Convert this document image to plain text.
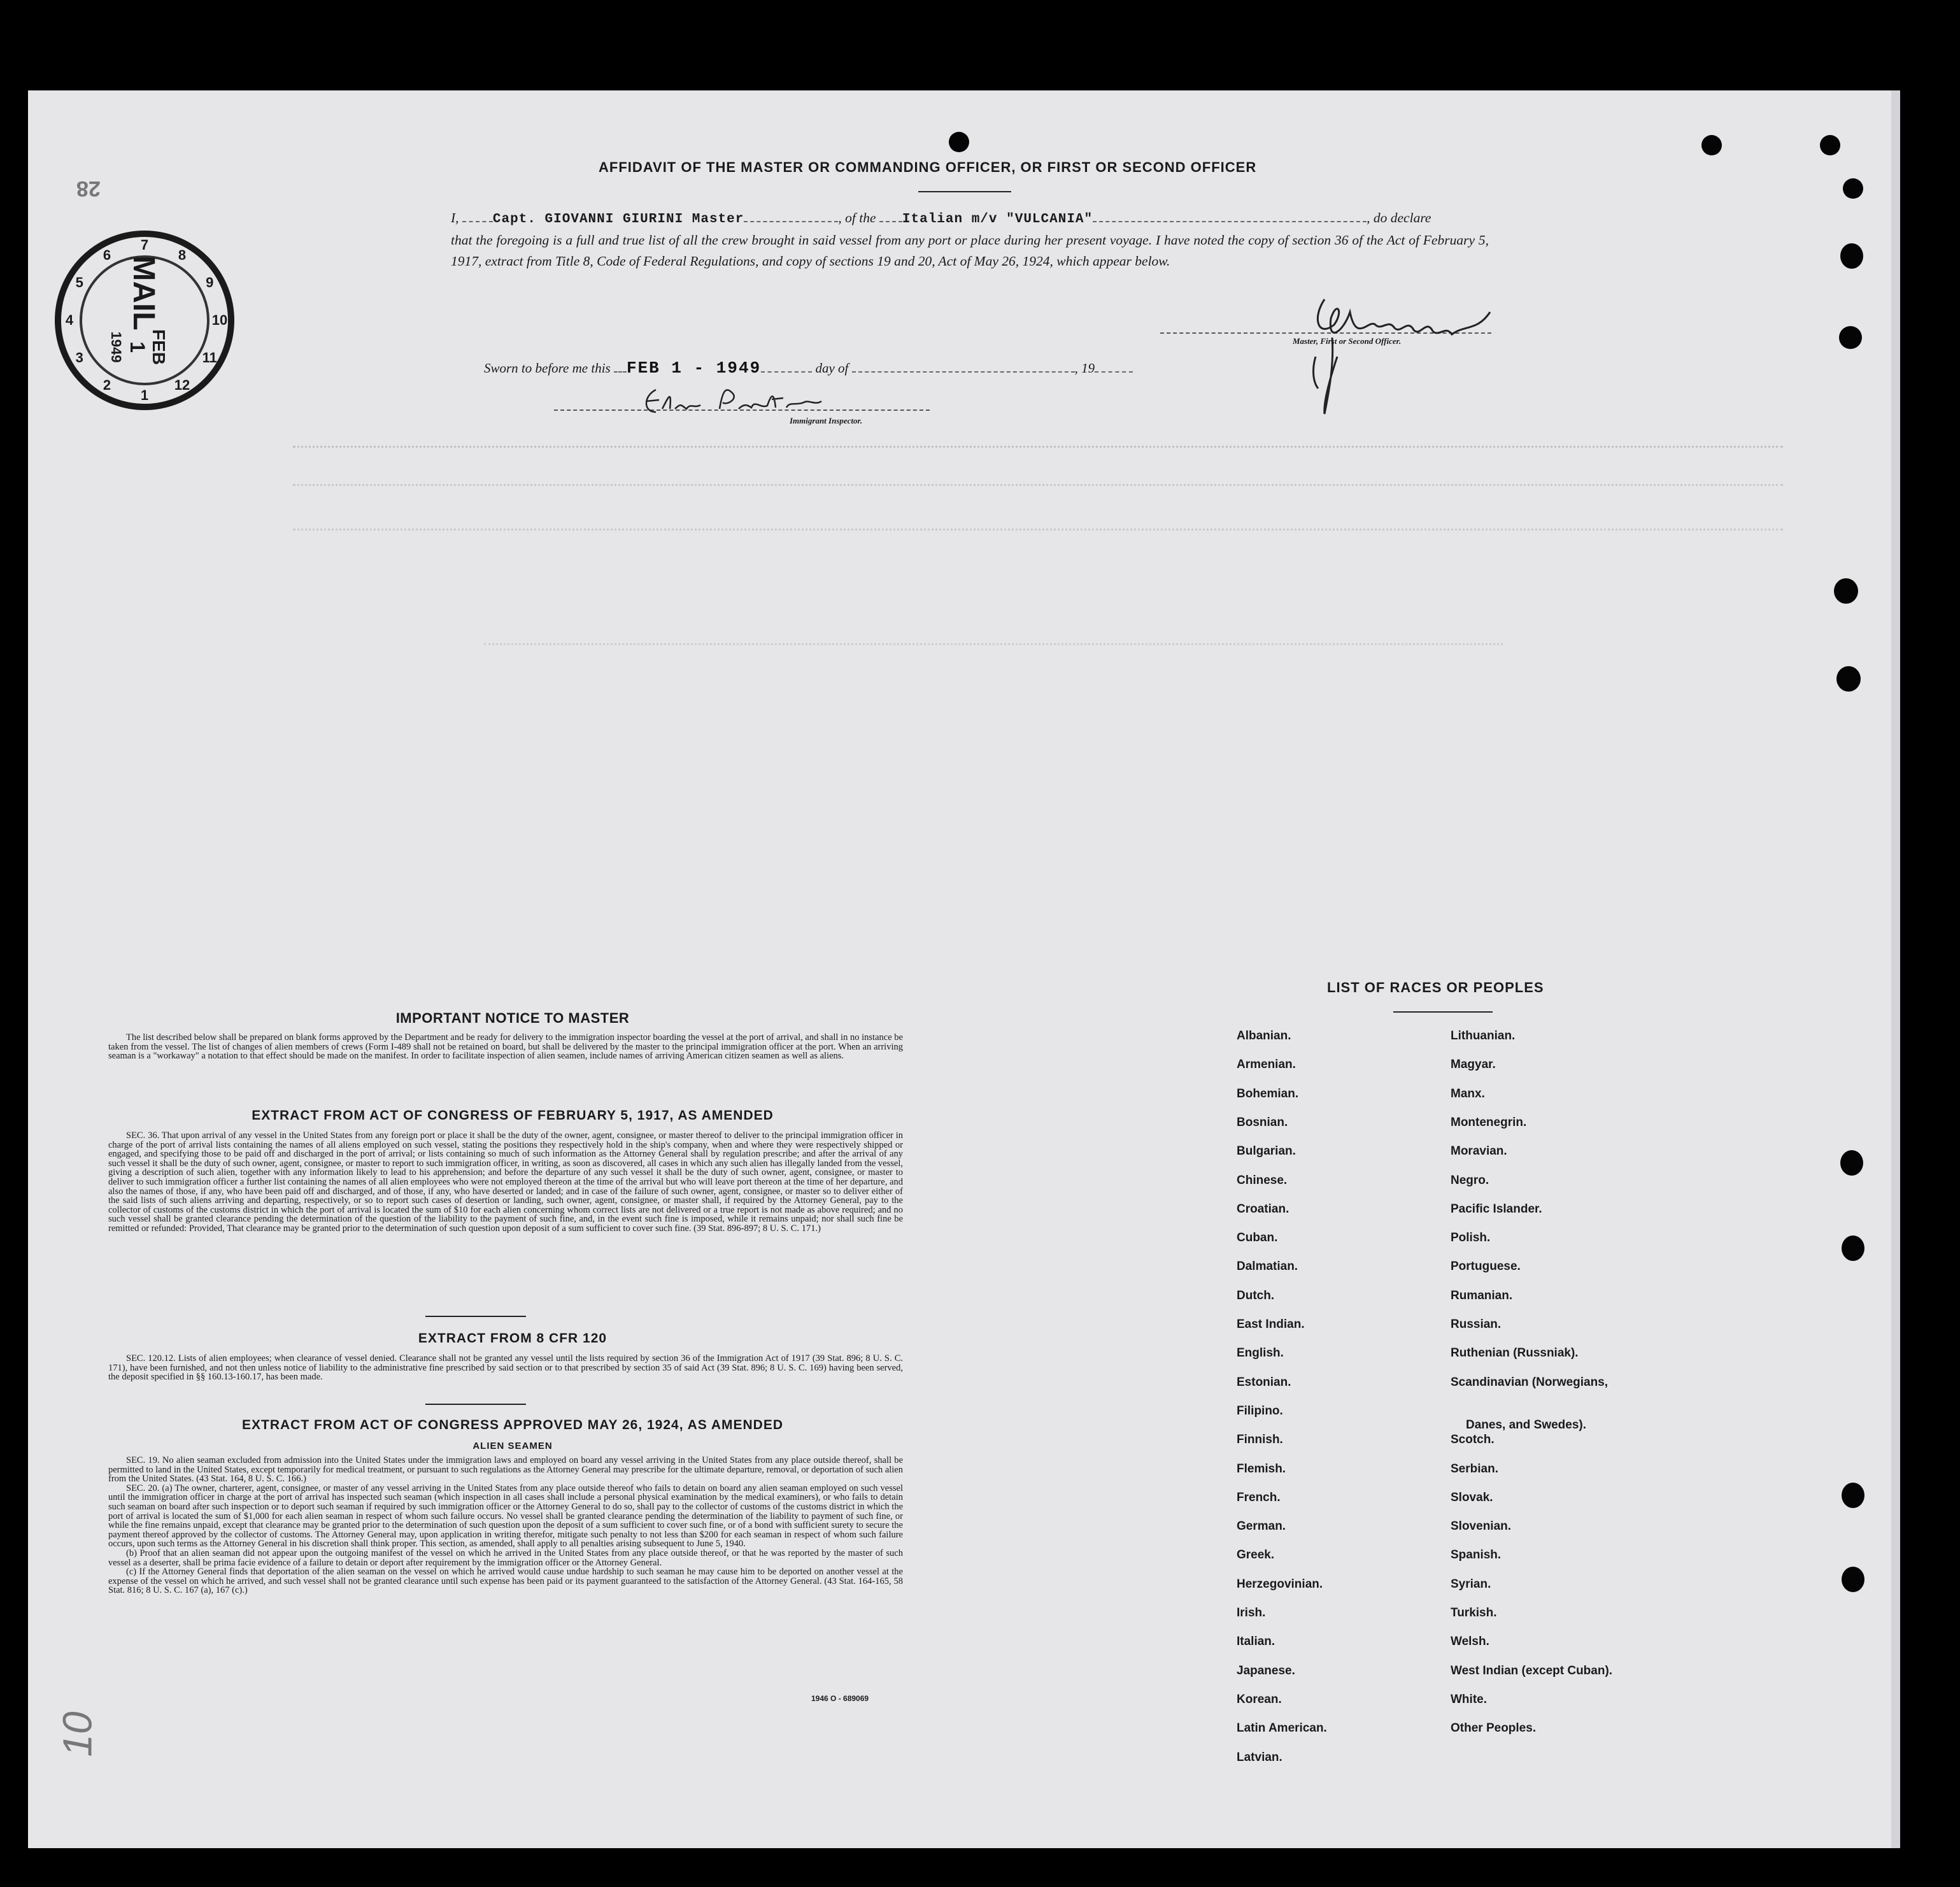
28
10
1
2
3
4
5
6
7
8
9
10
11
12
MAIL
FEB
1
1949
AFFIDAVIT OF THE MASTER OR COMMANDING OFFICER, OR FIRST OR SECOND OFFICER
I,	Capt. GIOVANNI GIURINI Master	, of the Italian m/v "VULCANIA"	, do declare
that the foregoing is a full and true list of all the crew brought in said vessel from any port or place during her present voyage. I have noted the copy of section 36 of the Act of February 5, 1917, extract from Title 8, Code of Federal Regulations, and copy of sections 19 and 20, Act of May 26, 1924, which appear below.
Master, First or Second Officer.
Sworn to before me this FEB 1 - 1949	day of	, 19
Immigrant Inspector.
IMPORTANT NOTICE TO MASTER

The list described below shall be prepared on blank forms approved by the Department and be ready for delivery to the immigration inspector boarding the vessel at the port of arrival, and shall in no instance be taken from the vessel. The list of changes of alien members of crews (Form I-489 shall not be retained on board, but shall be delivered by the master to the principal immigration officer at the port. When an arriving seaman is a "workaway" a notation to that effect should be made on the manifest. In order to facilitate inspection of alien seamen, include names of arriving American citizen seamen as well as aliens.

EXTRACT FROM ACT OF CONGRESS OF FEBRUARY 5, 1917, AS AMENDED

SEC. 36. That upon arrival of any vessel in the United States from any foreign port or place it shall be the duty of the owner, agent, consignee, or master thereof to deliver to the principal immigration officer in charge of the port of arrival lists containing the names of all aliens employed on such vessel, stating the positions they respectively hold in the ship's company, when and where they were respectively shipped or engaged, and specifying those to be paid off and discharged in the port of arrival; or lists containing so much of such information as the Attorney General shall by regulation prescribe; and after the arrival of any such vessel it shall be the duty of such owner, agent, consignee, or master to report to such immigration officer, in writing, as soon as discovered, all cases in which any such alien has illegally landed from the vessel, giving a description of such alien, together with any information likely to lead to his apprehension; and before the departure of any such vessel it shall be the duty of such owner, agent, consignee, or master to deliver to such immigration officer a further list containing the names of all alien employees who were not employed thereon at the time of the arrival but who will leave port thereon at the time of her departure, and also the names of those, if any, who have been paid off and discharged, and of those, if any, who have deserted or landed; and in case of the failure of such owner, agent, consignee, or master so to deliver either of the said lists of such aliens arriving and departing, respectively, or so to report such cases of desertion or landing, such owner, agent, consignee, or master shall, if required by the Attorney General, pay to the collector of customs of the customs district in which the port of arrival is located the sum of $10 for each alien concerning whom correct lists are not delivered or a true report is not made as above required; and no such vessel shall be granted clearance pending the determination of the question of the liability to the payment of such fine, and, in the event such fine is imposed, while it remains unpaid; nor shall such fine be remitted or refunded: Provided, That clearance may be granted prior to the determination of such question upon deposit of a sum sufficient to cover such fine. (39 Stat. 896-897; 8 U. S. C. 171.)

EXTRACT FROM 8 CFR 120

SEC. 120.12. Lists of alien employees; when clearance of vessel denied. Clearance shall not be granted any vessel until the lists required by section 36 of the Immigration Act of 1917 (39 Stat. 896; 8 U. S. C. 171), have been furnished, and not then unless notice of liability to the administrative fine prescribed by said section or to that prescribed by section 35 of said Act (39 Stat. 896; 8 U. S. C. 169) having been served, the deposit specified in §§ 160.13-160.17, has been made.

EXTRACT FROM ACT OF CONGRESS APPROVED MAY 26, 1924, AS AMENDED
ALIEN SEAMEN

SEC. 19. No alien seaman excluded from admission into the United States under the immigration laws and employed on board any vessel arriving in the United States from any place outside thereof, shall be permitted to land in the United States, except temporarily for medical treatment, or pursuant to such regulations as the Attorney General may prescribe for the ultimate departure, removal, or deportation of such alien from the United States. (43 Stat. 164, 8 U. S. C. 166.)

SEC. 20. (a) The owner, charterer, agent, consignee, or master of any vessel arriving in the United States from any place outside thereof who fails to detain on board any alien seaman employed on such vessel until the immigration officer in charge at the port of arrival has inspected such seaman (which inspection in all cases shall include a personal physical examination by the medical examiners), or who fails to detain such seaman on board after such inspection or to deport such seaman if required by such immigration officer or the Attorney General to do so, shall pay to the collector of customs of the customs district in which the port of arrival is located the sum of $1,000 for each alien seaman in respect of whom such failure occurs. No vessel shall be granted clearance pending the determination of the liability to payment of such fine, or while the fine remains unpaid, except that clearance may be granted prior to the determination of such question upon the deposit of a sum sufficient to cover such fine, or of a bond with sufficient surety to secure the payment thereof approved by the collector of customs. The Attorney General may, upon application in writing therefor, mitigate such penalty to not less than $200 for each seaman in respect of whom such failure occurs, upon such terms as the Attorney General in his discretion shall think proper. This section, as amended, shall apply to all penalties arising subsequent to June 5, 1940.

(b) Proof that an alien seaman did not appear upon the outgoing manifest of the vessel on which he arrived in the United States from any place outside thereof, or that he was reported by the master of such vessel as a deserter, shall be prima facie evidence of a failure to detain or deport after requirement by the immigration officer or the Attorney General.

(c) If the Attorney General finds that deportation of the alien seaman on the vessel on which he arrived would cause undue hardship to such seaman he may cause him to be deported on another vessel at the expense of the vessel on which he arrived, and such vessel shall not be granted clearance until such expense has been paid or its payment guaranteed to the satisfaction of the Attorney General. (43 Stat. 164-165, 58 Stat. 816; 8 U. S. C. 167 (a), 167 (c).)

1946 O - 689069
LIST OF RACES OR PEOPLES
Albanian.
Armenian.
Bohemian.
Bosnian.
Bulgarian.
Chinese.
Croatian.
Cuban.
Dalmatian.
Dutch.
East Indian.
English.
Estonian.
Filipino.
Finnish.
Flemish.
French.
German.
Greek.
Herzegovinian.
Irish.
Italian.
Japanese.
Korean.
Latin American.
Latvian.
Lithuanian.
Magyar.
Manx.
Montenegrin.
Moravian.
Negro.
Pacific Islander.
Polish.
Portuguese.
Rumanian.
Russian.
Ruthenian (Russniak).
Scandinavian (Norwegians,
Danes, and Swedes).
Scotch.
Serbian.
Slovak.
Slovenian.
Spanish.
Syrian.
Turkish.
Welsh.
West Indian (except Cuban).
White.
Other Peoples.
